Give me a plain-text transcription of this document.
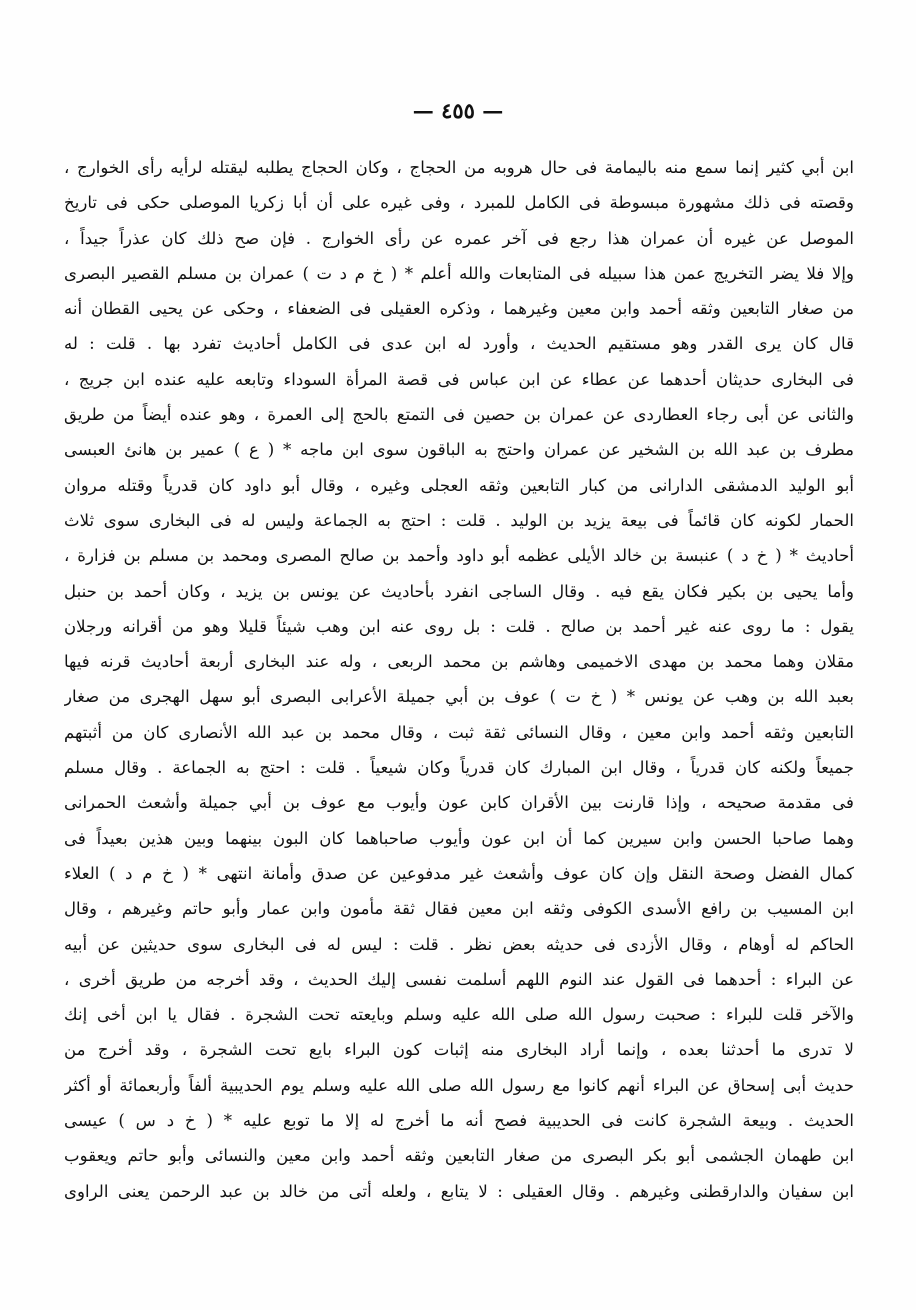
— ٤٥٥ —
ابن أبي كثير إنما سمع منه باليمامة فى حال هروبه من الحجاج ، وكان الحجاج يطلبه ليقتله لرأيه رأى الخوارج ،
وقصته فى ذلك مشهورة مبسوطة فى الكامل للمبرد ، وفى غيره على أن أبا زكريا الموصلى حكى فى تاريخ
الموصل عن غيره أن عمران هذا رجع فى آخر عمره عن رأى الخوارج . فإن صح ذلك كان عذراً جيداً ،
وإلا فلا يضر التخريج عمن هذا سبيله فى المتابعات والله أعلم * ( خ م د ت ) عمران بن مسلم القصير البصرى
من صغار التابعين وثقه أحمد وابن معين وغيرهما ، وذكره العقيلى فى الضعفاء ، وحكى عن يحيى القطان أنه
قال كان يرى القدر وهو مستقيم الحديث ، وأورد له ابن عدى فى الكامل أحاديث تفرد بها . قلت : له
فى البخارى حديثان أحدهما عن عطاء عن ابن عباس فى قصة المرأة السوداء وتابعه عليه عنده ابن جريج ،
والثانى عن أبى رجاء العطاردى عن عمران بن حصين فى التمتع بالحج إلى العمرة ، وهو عنده أيضاً من طريق
مطرف بن عبد الله بن الشخير عن عمران واحتج به الباقون سوى ابن ماجه * ( ع ) عمير بن هانئ العبسى
أبو الوليد الدمشقى الدارانى من كبار التابعين وثقه العجلى وغيره ، وقال أبو داود كان قدرياً وقتله مروان
الحمار لكونه كان قائماً فى بيعة يزيد بن الوليد . قلت : احتج به الجماعة وليس له فى البخارى سوى ثلاث
أحاديث * ( خ د ) عنبسة بن خالد الأيلى عظمه أبو داود وأحمد بن صالح المصرى ومحمد بن مسلم بن فزارة ،
وأما يحيى بن بكير فكان يقع فيه . وقال الساجى انفرد بأحاديث عن يونس بن يزيد ، وكان أحمد بن حنبل
يقول : ما روى عنه غير أحمد بن صالح . قلت : بل روى عنه ابن وهب شيئاً قليلا وهو من أقرانه ورجلان
مقلان وهما محمد بن مهدى الاخميمى وهاشم بن محمد الربعى ، وله عند البخارى أربعة أحاديث قرنه فيها
بعبد الله بن وهب عن يونس * ( خ ت ) عوف بن أبي جميلة الأعرابى البصرى أبو سهل الهجرى من صغار
التابعين وثقه أحمد وابن معين ، وقال النسائى ثقة ثبت ، وقال محمد بن عبد الله الأنصارى كان من أثبتهم
جميعاً ولكنه كان قدرياً ، وقال ابن المبارك كان قدرياً وكان شيعياً . قلت : احتج به الجماعة . وقال مسلم
فى مقدمة صحيحه ، وإذا قارنت بين الأقران كابن عون وأيوب مع عوف بن أبي جميلة وأشعث الحمرانى
وهما صاحبا الحسن وابن سيرين كما أن ابن عون وأيوب صاحباهما كان البون بينهما وبين هذين بعيداً فى
كمال الفضل وصحة النقل وإن كان عوف وأشعث غير مدفوعين عن صدق وأمانة انتهى * ( خ م د ) العلاء
ابن المسيب بن رافع الأسدى الكوفى وثقه ابن معين فقال ثقة مأمون وابن عمار وأبو حاتم وغيرهم ، وقال
الحاكم له أوهام ، وقال الأزدى فى حديثه بعض نظر . قلت : ليس له فى البخارى سوى حديثين عن أبيه
عن البراء : أحدهما فى القول عند النوم اللهم أسلمت نفسى إليك الحديث ، وقد أخرجه من طريق أخرى ،
والآخر قلت للبراء : صحبت رسول الله صلى الله عليه وسلم وبايعته تحت الشجرة . فقال يا ابن أخى إنك
لا تدرى ما أحدثنا بعده ، وإنما أراد البخارى منه إثبات كون البراء بايع تحت الشجرة ، وقد أخرج من
حديث أبى إسحاق عن البراء أنهم كانوا مع رسول الله صلى الله عليه وسلم يوم الحديبية ألفاً وأربعمائة أو أكثر
الحديث . وبيعة الشجرة كانت فى الحديبية فصح أنه ما أخرج له إلا ما توبع عليه * ( خ د س ) عيسى
ابن طهمان الجشمى أبو بكر البصرى من صغار التابعين وثقه أحمد وابن معين والنسائى وأبو حاتم ويعقوب
ابن سفيان والدارقطنى وغيرهم . وقال العقيلى : لا يتابع ، ولعله أتى من خالد بن عبد الرحمن يعنى الراوى
